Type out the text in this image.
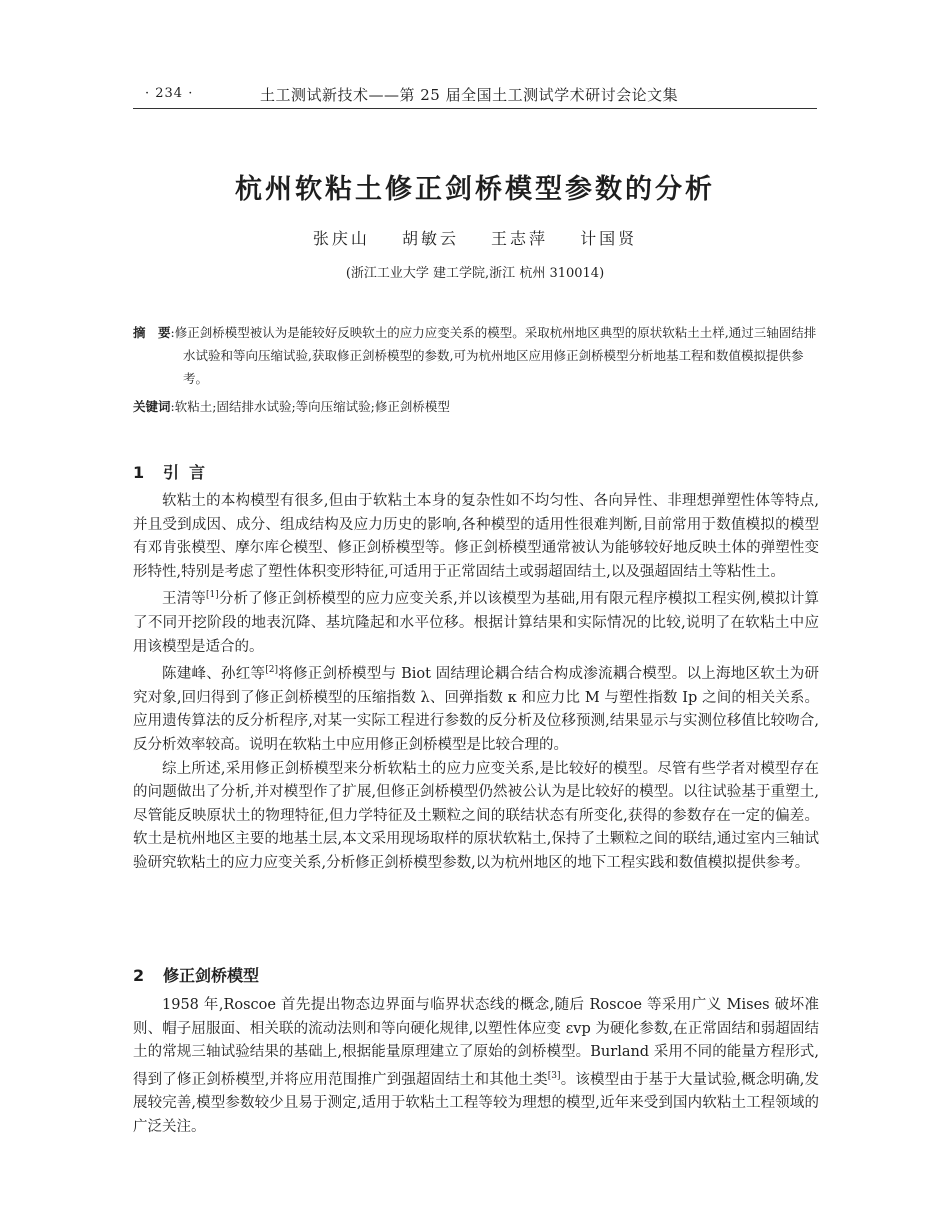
· 234 ·	土工测试新技术——第 25 届全国土工测试学术研讨会论文集
杭州软粘土修正剑桥模型参数的分析
张庆山 胡敏云 王志萍 计国贤
(浙江工业大学 建工学院,浙江 杭州 310014)
摘　要:修正剑桥模型被认为是能较好反映软土的应力应变关系的模型。采取杭州地区典型的原状软粘土土样,通过三轴固结排水试验和等向压缩试验,获取修正剑桥模型的参数,可为杭州地区应用修正剑桥模型分析地基工程和数值模拟提供参考。
关键词:软粘土;固结排水试验;等向压缩试验;修正剑桥模型
1 引言

软粘土的本构模型有很多,但由于软粘土本身的复杂性如不均匀性、各向异性、非理想弹塑性体等特点,并且受到成因、成分、组成结构及应力历史的影响,各种模型的适用性很难判断,目前常用于数值模拟的模型有邓肯张模型、摩尔库仑模型、修正剑桥模型等。修正剑桥模型通常被认为能够较好地反映土体的弹塑性变形特性,特别是考虑了塑性体积变形特征,可适用于正常固结土或弱超固结土,以及强超固结土等粘性土。

王清等[1]分析了修正剑桥模型的应力应变关系,并以该模型为基础,用有限元程序模拟工程实例,模拟计算了不同开挖阶段的地表沉降、基坑隆起和水平位移。根据计算结果和实际情况的比较,说明了在软粘土中应用该模型是适合的。

陈建峰、孙红等[2]将修正剑桥模型与 Biot 固结理论耦合结合构成渗流耦合模型。以上海地区软土为研究对象,回归得到了修正剑桥模型的压缩指数 λ、回弹指数 κ 和应力比 M 与塑性指数 Ip 之间的相关关系。应用遗传算法的反分析程序,对某一实际工程进行参数的反分析及位移预测,结果显示与实测位移值比较吻合,反分析效率较高。说明在软粘土中应用修正剑桥模型是比较合理的。

综上所述,采用修正剑桥模型来分析软粘土的应力应变关系,是比较好的模型。尽管有些学者对模型存在的问题做出了分析,并对模型作了扩展,但修正剑桥模型仍然被公认为是比较好的模型。以往试验基于重塑土,尽管能反映原状土的物理特征,但力学特征及土颗粒之间的联结状态有所变化,获得的参数存在一定的偏差。软土是杭州地区主要的地基土层,本文采用现场取样的原状软粘土,保持了土颗粒之间的联结,通过室内三轴试验研究软粘土的应力应变关系,分析修正剑桥模型参数,以为杭州地区的地下工程实践和数值模拟提供参考。

2 修正剑桥模型

1958 年,Roscoe 首先提出物态边界面与临界状态线的概念,随后 Roscoe 等采用广义 Mises 破坏准则、帽子屈服面、相关联的流动法则和等向硬化规律,以塑性体应变 εvp 为硬化参数,在正常固结和弱超固结土的常规三轴试验结果的基础上,根据能量原理建立了原始的剑桥模型。Burland 采用不同的能量方程形式,得到了修正剑桥模型,并将应用范围推广到强超固结土和其他土类[3]。该模型由于基于大量试验,概念明确,发展较完善,模型参数较少且易于测定,适用于软粘土工程等较为理想的模型,近年来受到国内软粘土工程领域的广泛关注。
